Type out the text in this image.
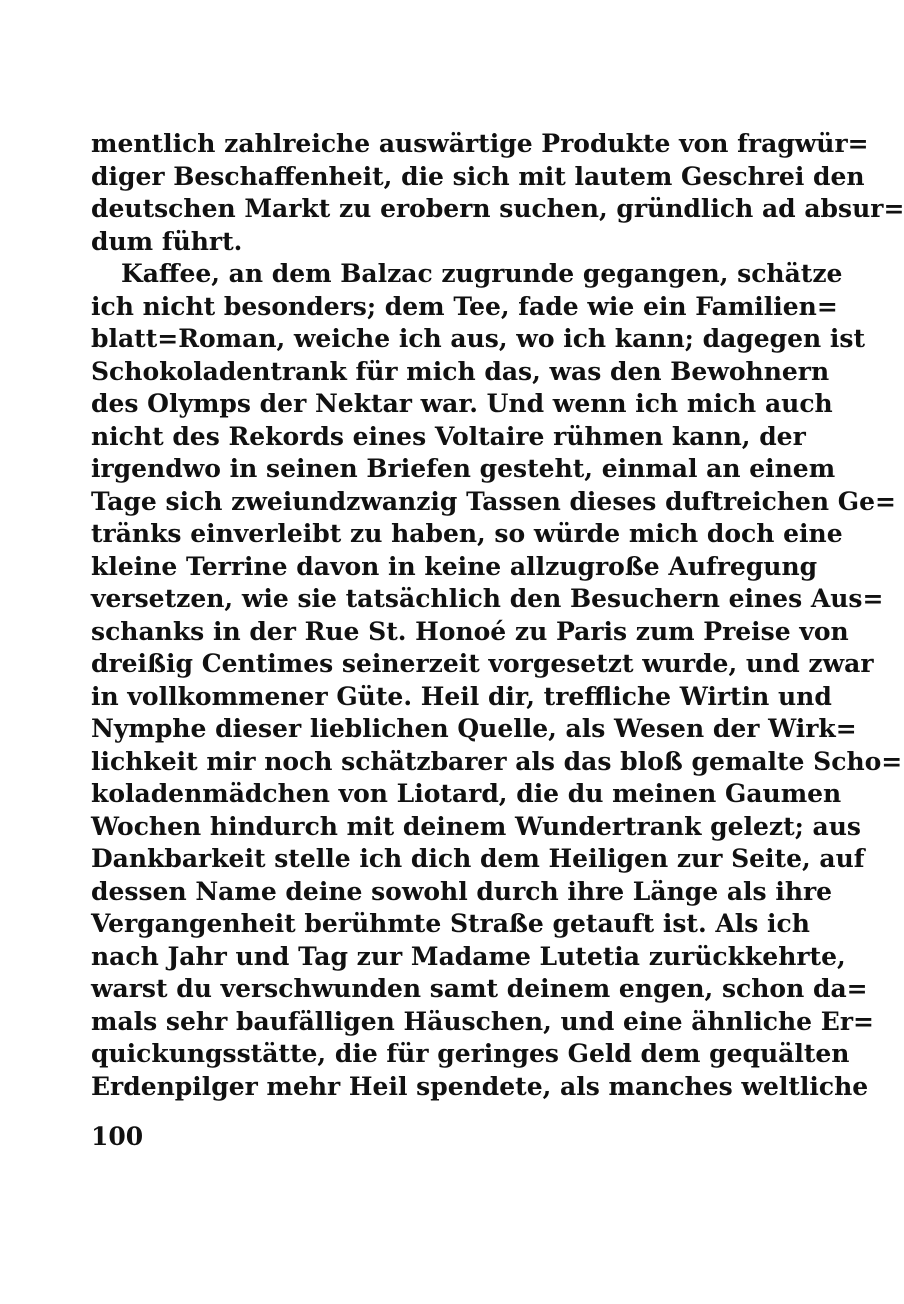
mentlich zahlreiche auswärtige Produkte von fragwür=
diger Beschaffenheit, die sich mit lautem Geschrei den
deutschen Markt zu erobern suchen, gründlich ad absur=
dum führt.
Kaffee, an dem Balzac zugrunde gegangen, schätze
ich nicht besonders; dem Tee, fade wie ein Familien=
blatt=Roman, weiche ich aus, wo ich kann; dagegen ist
Schokoladentrank für mich das, was den Bewohnern
des Olymps der Nektar war. Und wenn ich mich auch
nicht des Rekords eines Voltaire rühmen kann, der
irgendwo in seinen Briefen gesteht, einmal an einem
Tage sich zweiundzwanzig Tassen dieses duftreichen Ge=
tränks einverleibt zu haben, so würde mich doch eine
kleine Terrine davon in keine allzugroße Aufregung
versetzen, wie sie tatsächlich den Besuchern eines Aus=
schanks in der Rue St. Honoé zu Paris zum Preise von
dreißig Centimes seinerzeit vorgesetzt wurde, und zwar
in vollkommener Güte. Heil dir, treffliche Wirtin und
Nymphe dieser lieblichen Quelle, als Wesen der Wirk=
lichkeit mir noch schätzbarer als das bloß gemalte Scho=
koladenmädchen von Liotard, die du meinen Gaumen
Wochen hindurch mit deinem Wundertrank gelezt; aus
Dankbarkeit stelle ich dich dem Heiligen zur Seite, auf
dessen Name deine sowohl durch ihre Länge als ihre
Vergangenheit berühmte Straße getauft ist. Als ich
nach Jahr und Tag zur Madame Lutetia zurückkehrte,
warst du verschwunden samt deinem engen, schon da=
mals sehr baufälligen Häuschen, und eine ähnliche Er=
quickungsstätte, die für geringes Geld dem gequälten
Erdenpilger mehr Heil spendete, als manches weltliche
100
